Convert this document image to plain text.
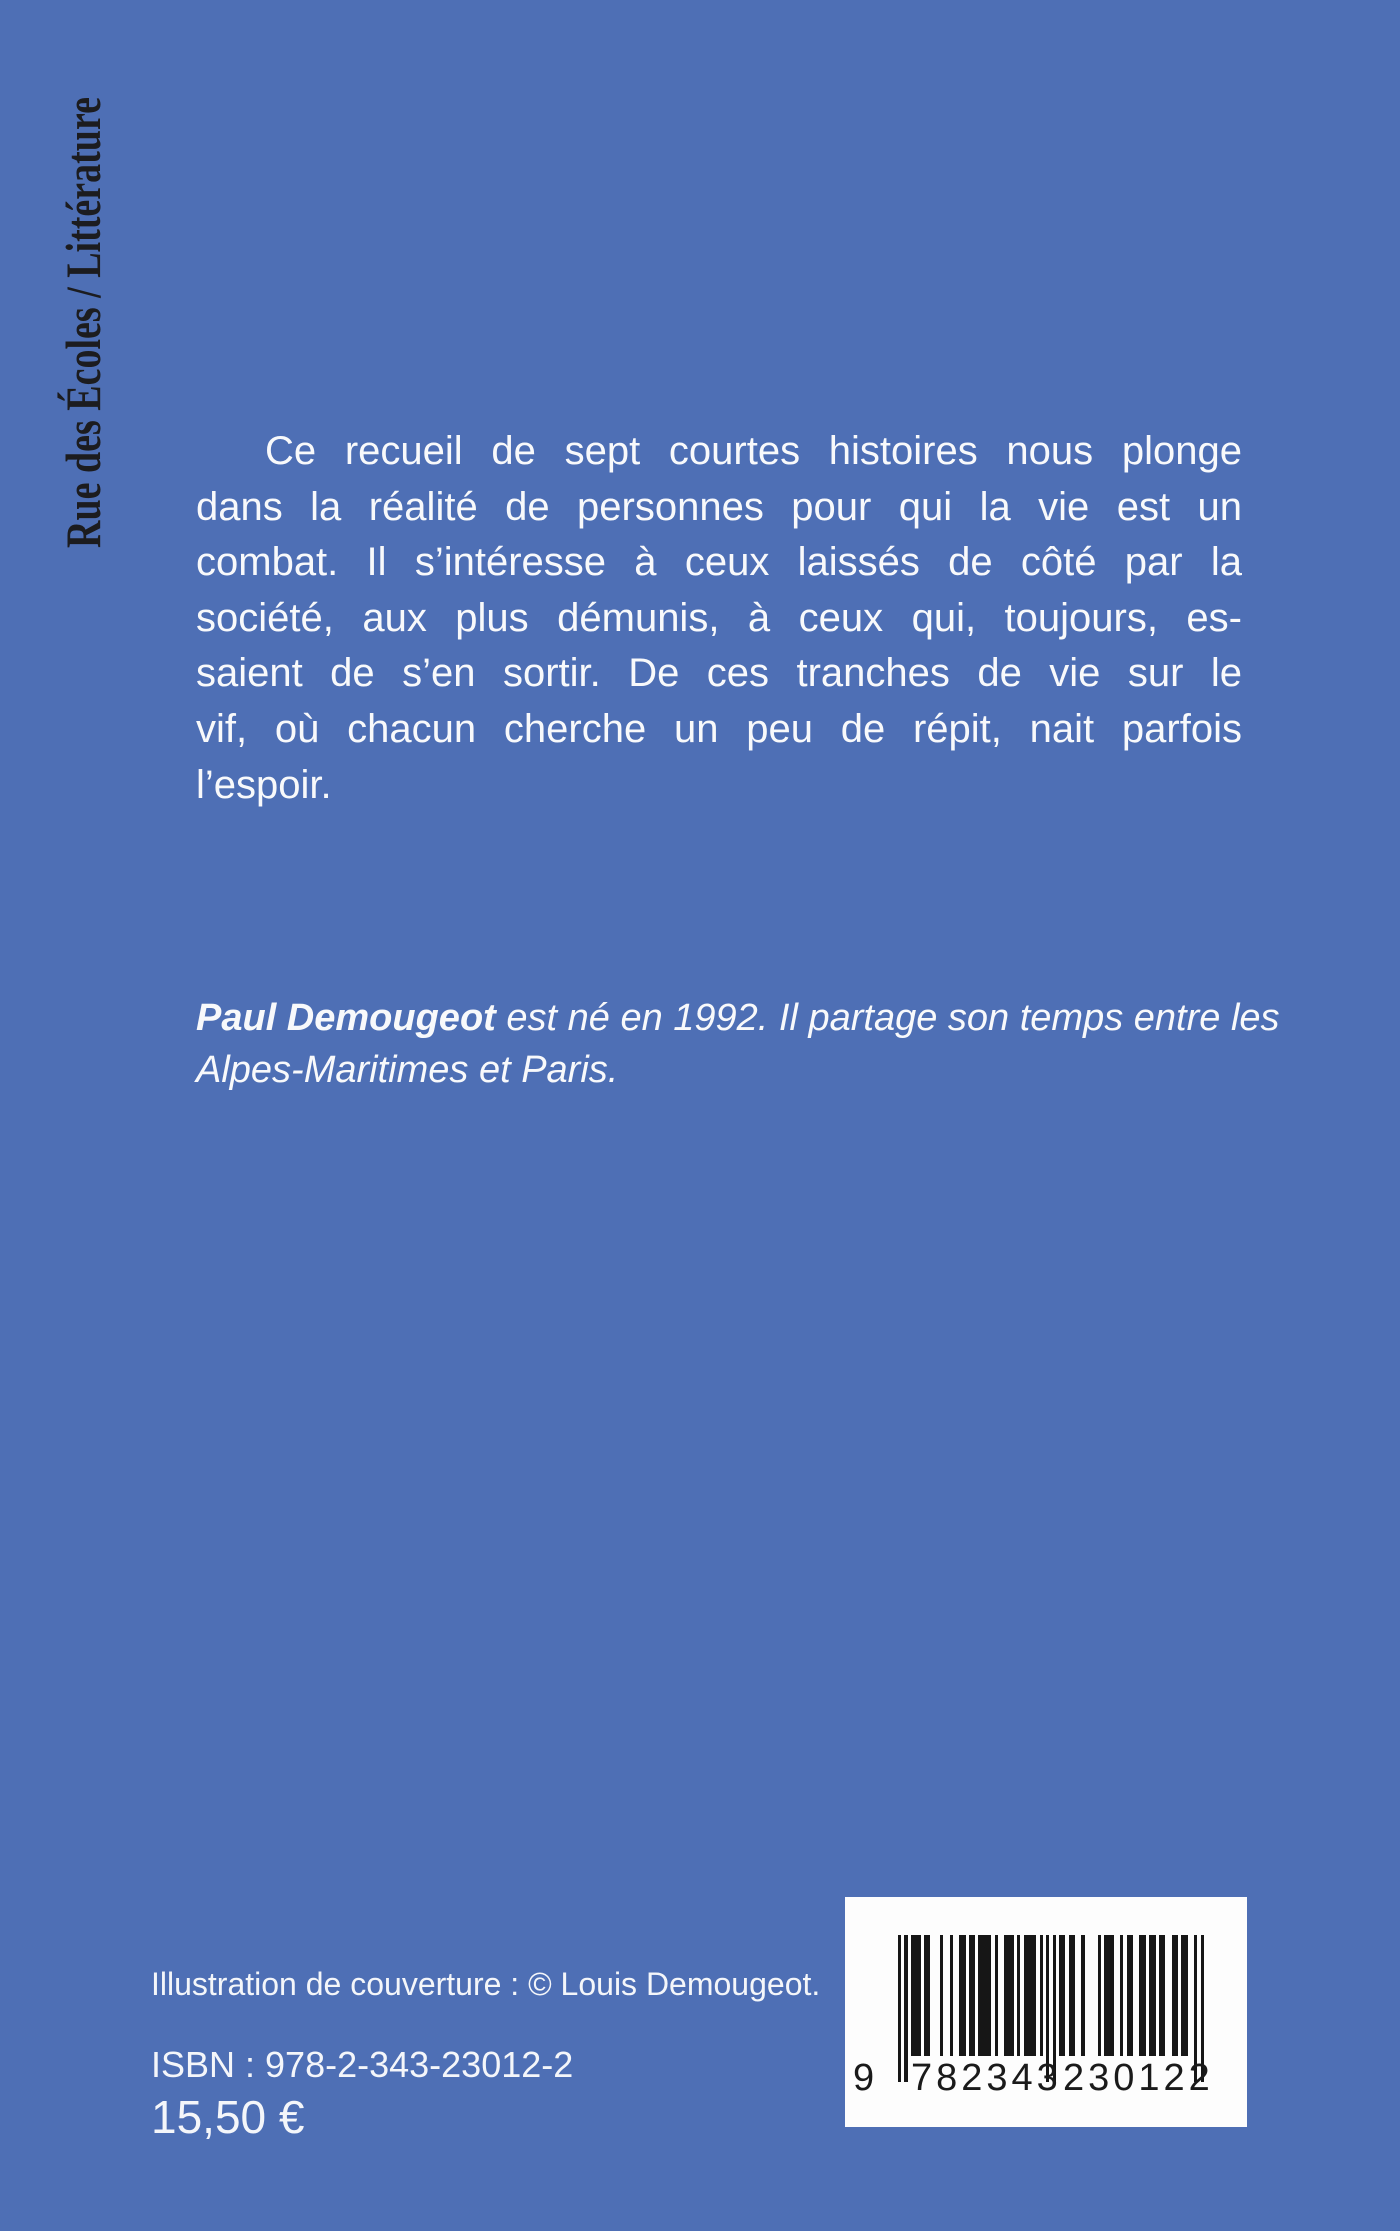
Rue des Écoles / Littérature	Ce recueil de sept courtes histoires nous plonge
dans la réalité de personnes pour qui la vie est un
combat. Il s’intéresse à ceux laissés de côté par la
société, aux plus démunis, à ceux qui, toujours, es-
saient de s’en sortir. De ces tranches de vie sur le
vif, où chacun cherche un peu de répit, nait parfois
l’espoir.
Paul Demougeot est né en 1992. Il partage son temps entre les
Alpes-Maritimes et Paris.
Illustration de couverture : © Louis Demougeot.
ISBN : 978-2-343-23012-2
15,50 €
9 782343 230122
